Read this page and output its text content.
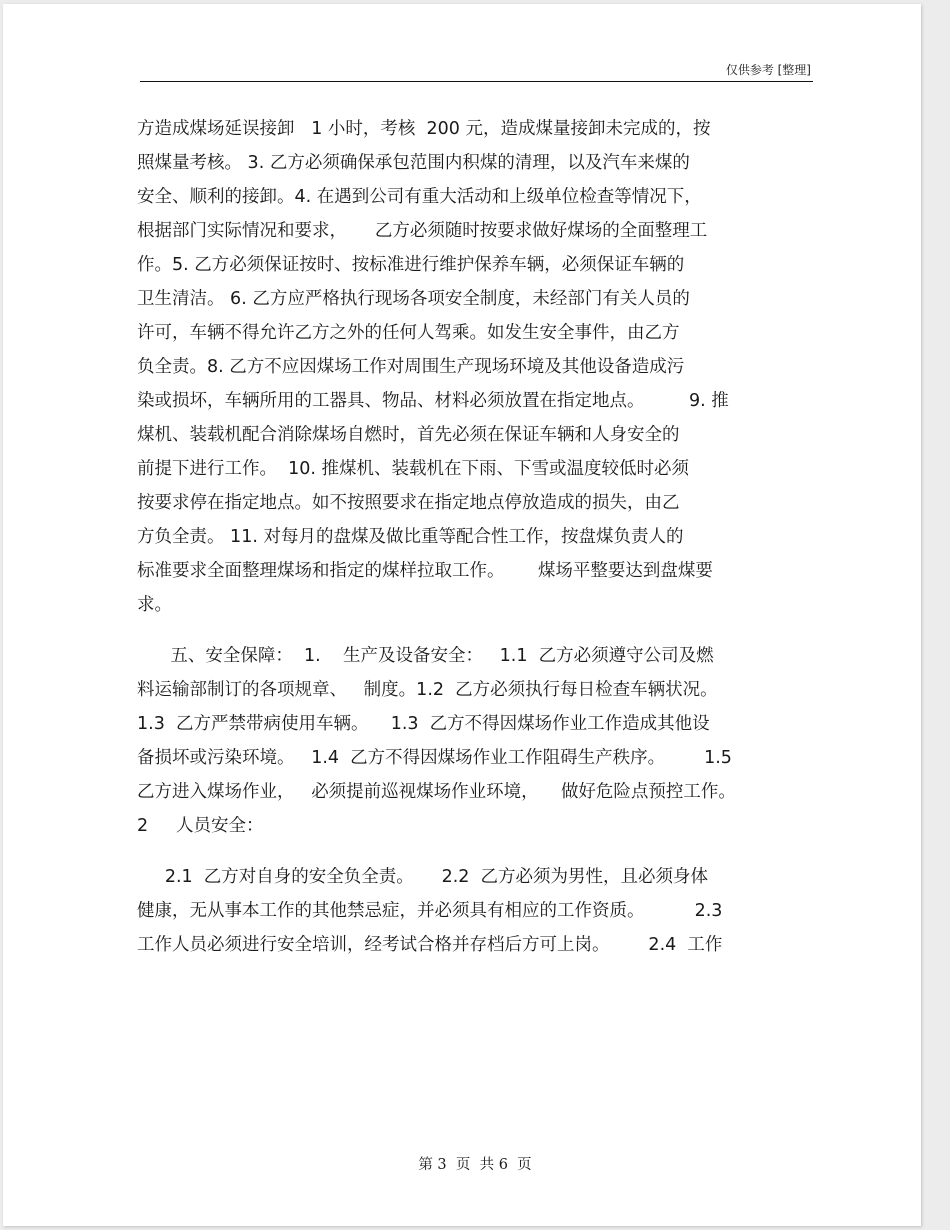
仅供参考 [整理]
方造成煤场延误接卸   1 小时，考核  200 元，造成煤量接卸未完成的，按
照煤量考核。 3. 乙方必须确保承包范围内积煤的清理，以及汽车来煤的
安全、顺利的接卸。4. 在遇到公司有重大活动和上级单位检查等情况下，
根据部门实际情况和要求，     乙方必须随时按要求做好煤场的全面整理工
作。5. 乙方必须保证按时、按标准进行维护保养车辆，必须保证车辆的
卫生清洁。 6. 乙方应严格执行现场各项安全制度，未经部门有关人员的
许可，车辆不得允许乙方之外的任何人驾乘。如发生安全事件，由乙方
负全责。8. 乙方不应因煤场工作对周围生产现场环境及其他设备造成污
染或损坏，车辆所用的工器具、物品、材料必须放置在指定地点。        9. 推
煤机、装载机配合消除煤场自燃时，首先必须在保证车辆和人身安全的
前提下进行工作。  10. 推煤机、装载机在下雨、下雪或温度较低时必须
按要求停在指定地点。如不按照要求在指定地点停放造成的损失，由乙
方负全责。 11. 对每月的盘煤及做比重等配合性工作，按盘煤负责人的
标准要求全面整理煤场和指定的煤样拉取工作。      煤场平整要达到盘煤要
求。
五、安全保障：  1.    生产及设备安全：   1.1  乙方必须遵守公司及燃
料运输部制订的各项规章、   制度。1.2  乙方必须执行每日检查车辆状况。
1.3  乙方严禁带病使用车辆。    1.3  乙方不得因煤场作业工作造成其他设
备损坏或污染环境。   1.4  乙方不得因煤场作业工作阻碍生产秩序。       1.5
乙方进入煤场作业，   必须提前巡视煤场作业环境，    做好危险点预控工作。
2     人员安全：
2.1  乙方对自身的安全负全责。     2.2  乙方必须为男性，且必须身体
健康，无从事本工作的其他禁忌症，并必须具有相应的工作资质。         2.3
工作人员必须进行安全培训，经考试合格并存档后方可上岗。       2.4  工作
第 3  页  共 6  页
